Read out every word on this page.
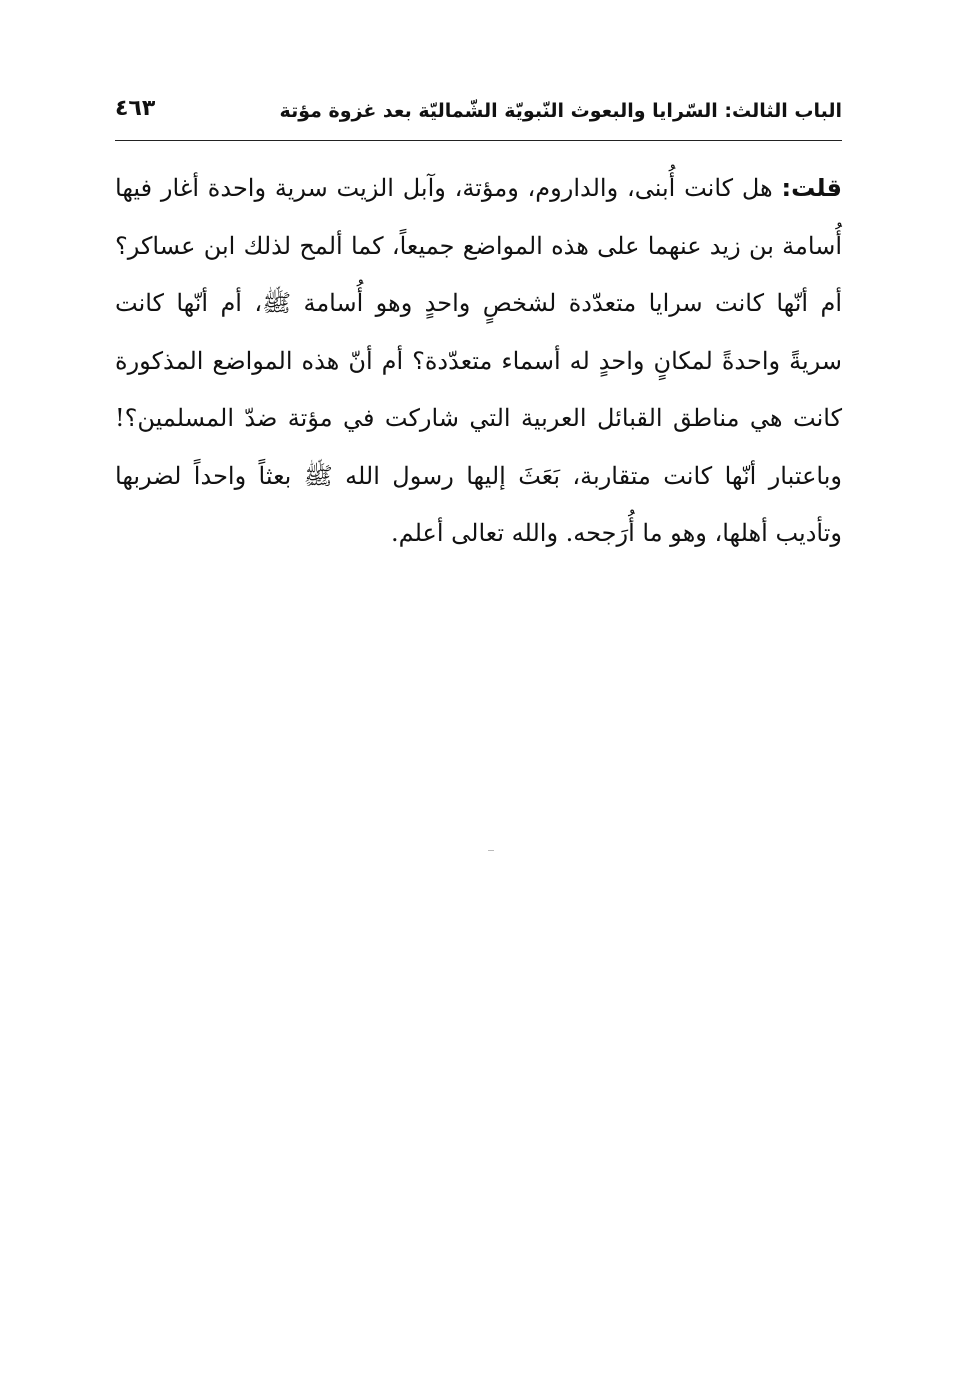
الباب الثالث: السّرايا والبعوث النّبويّة الشّماليّة بعد غزوة مؤتة
٤٦٣

قلت: هل كانت أُبنى، والداروم، ومؤتة، وآبل الزيت سرية واحدة أغار فيها أُسامة بن زيد عنهما على هذه المواضع جميعاً، كما ألمح لذلك ابن عساكر؟ أم أنّها كانت سرايا متعدّدة لشخصٍ واحدٍ وهو أُسامة ﷺ، أم أنّها كانت سريةً واحدةً لمكانٍ واحدٍ له أسماء متعدّدة؟ أم أنّ هذه المواضع المذكورة كانت هي مناطق القبائل العربية التي شاركت في مؤتة ضدّ المسلمين؟! وباعتبار أنّها كانت متقاربة، بَعَثَ إليها رسول الله ﷺ بعثاً واحداً لضربها وتأديب أهلها، وهو ما أُرَجحه. والله تعالى أعلم.
